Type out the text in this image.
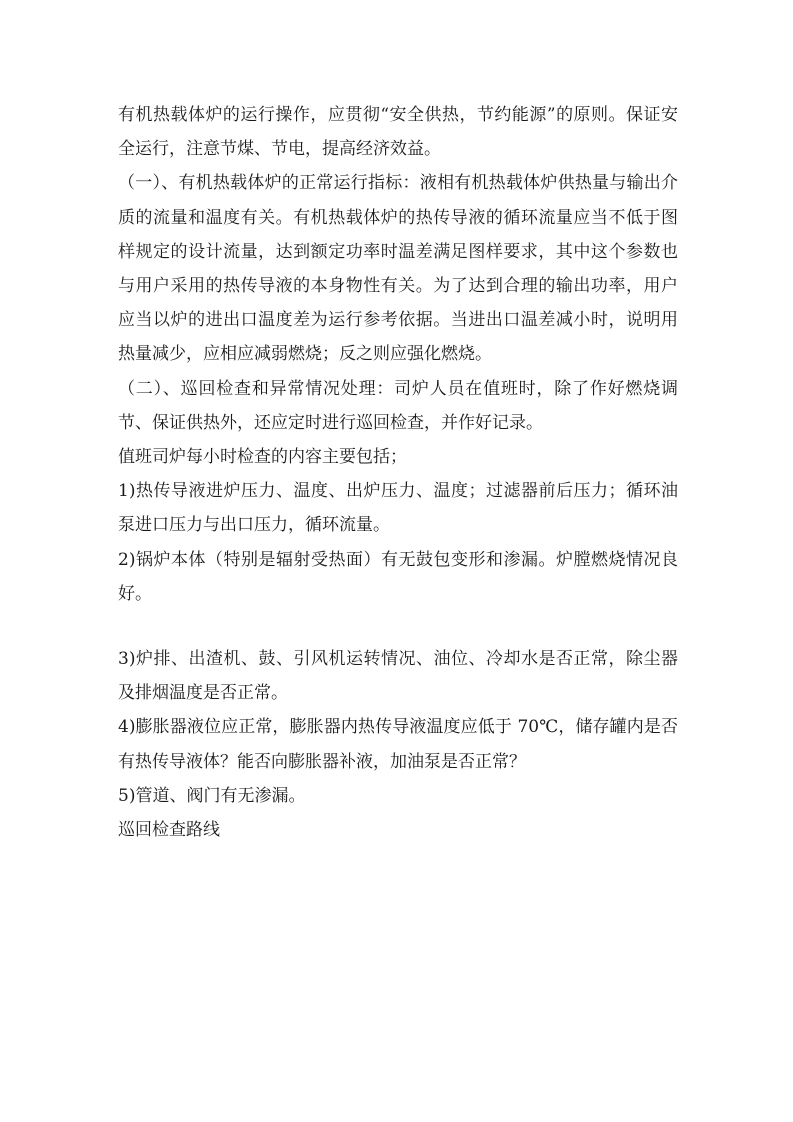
有机热载体炉的运行操作，应贯彻“安全供热，节约能源”的原则。保证安全运行，注意节煤、节电，提高经济效益。

（一）、有机热载体炉的正常运行指标：液相有机热载体炉供热量与输出介质的流量和温度有关。有机热载体炉的热传导液的循环流量应当不低于图样规定的设计流量，达到额定功率时温差满足图样要求，其中这个参数也与用户采用的热传导液的本身物性有关。为了达到合理的输出功率，用户应当以炉的进出口温度差为运行参考依据。当进出口温差减小时，说明用热量减少，应相应减弱燃烧；反之则应强化燃烧。

（二）、巡回检查和异常情况处理：司炉人员在值班时，除了作好燃烧调节、保证供热外，还应定时进行巡回检查，并作好记录。

值班司炉每小时检查的内容主要包括；

1)热传导液进炉压力、温度、出炉压力、温度；过滤器前后压力；循环油泵进口压力与出口压力，循环流量。

2)锅炉本体（特别是辐射受热面）有无鼓包变形和渗漏。炉膛燃烧情况良好。

3)炉排、出渣机、鼓、引风机运转情况、油位、冷却水是否正常，除尘器及排烟温度是否正常。

4)膨胀器液位应正常，膨胀器内热传导液温度应低于 70℃，储存罐内是否有热传导液体？能否向膨胀器补液，加油泵是否正常？

5)管道、阀门有无渗漏。

巡回检查路线
